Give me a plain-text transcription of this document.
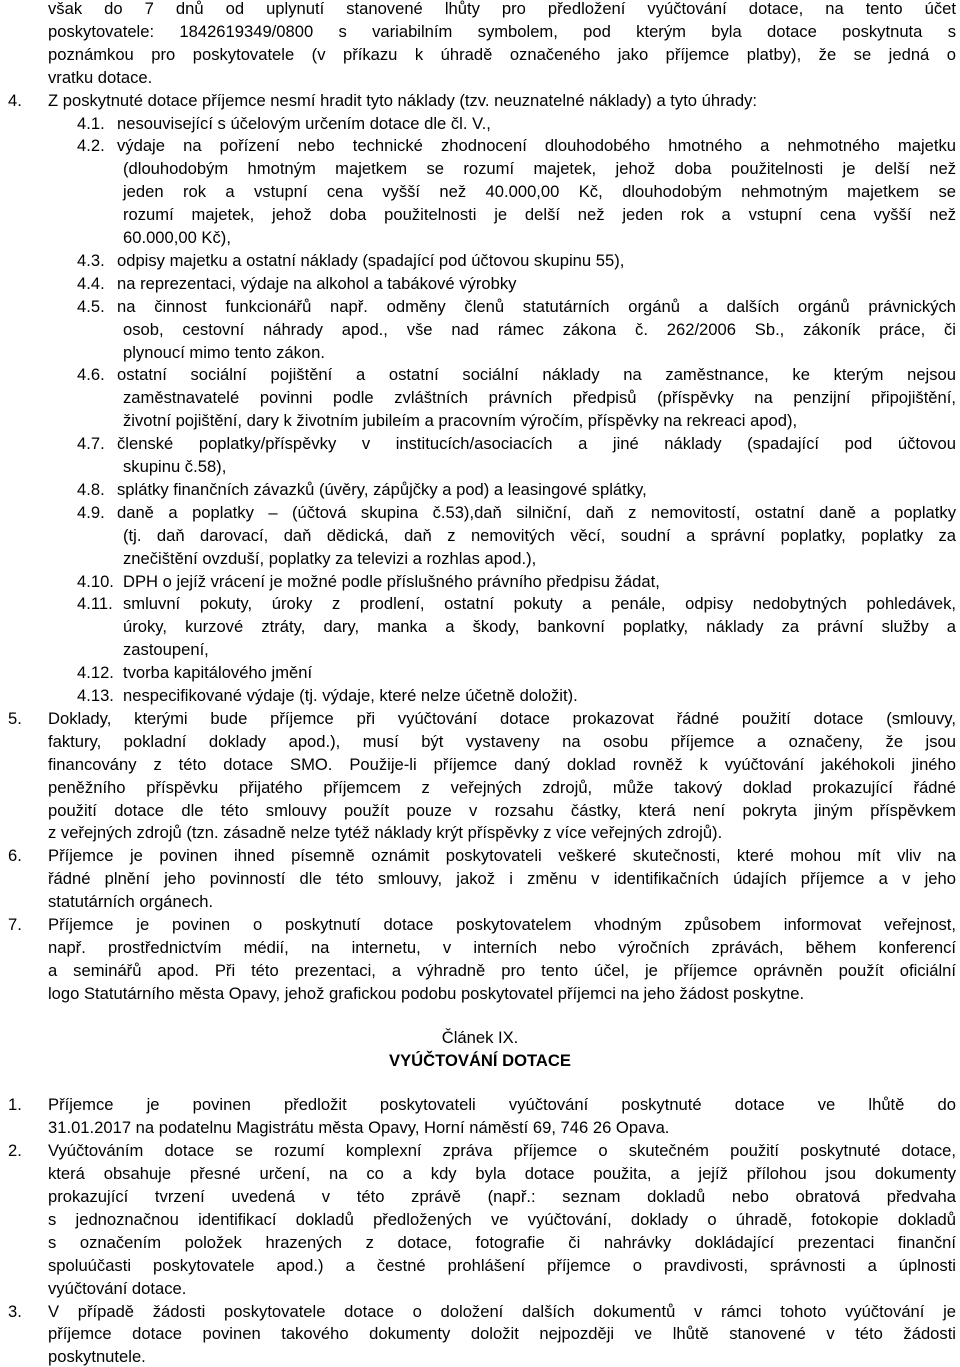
však do 7 dnů od uplynutí stanovené lhůty pro předložení vyúčtování dotace, na tento účet
poskytovatele: 1842619349/0800 s variabilním symbolem, pod kterým byla dotace poskytnuta s
poznámkou pro poskytovatele (v příkazu k úhradě označeného jako příjemce platby), že se jedná o
vratku dotace.
4. Z poskytnuté dotace příjemce nesmí hradit tyto náklady (tzv. neuznatelné náklady) a tyto úhrady:
4.1. nesouvisející s účelovým určením dotace dle čl. V.,
4.2. výdaje na pořízení nebo technické zhodnocení dlouhodobého hmotného a nehmotného majetku
(dlouhodobým hmotným majetkem se rozumí majetek, jehož doba použitelnosti je delší než
jeden rok a vstupní cena vyšší než 40.000,00 Kč, dlouhodobým nehmotným majetkem se
rozumí majetek, jehož doba použitelnosti je delší než jeden rok a vstupní cena vyšší než
60.000,00 Kč),
4.3. odpisy majetku a ostatní náklady (spadající pod účtovou skupinu 55),
4.4. na reprezentaci, výdaje na alkohol a tabákové výrobky
4.5. na činnost funkcionářů např. odměny členů statutárních orgánů a dalších orgánů právnických
osob, cestovní náhrady apod., vše nad rámec zákona č. 262/2006 Sb., zákoník práce, či
plynoucí mimo tento zákon.
4.6. ostatní sociální pojištění a ostatní sociální náklady na zaměstnance, ke kterým nejsou
zaměstnavatelé povinni podle zvláštních právních předpisů (příspěvky na penzijní připojištění,
životní pojištění, dary k životním jubileím a pracovním výročím, příspěvky na rekreaci apod),
4.7. členské poplatky/příspěvky v institucích/asociacích a jiné náklady (spadající pod účtovou
skupinu č.58),
4.8. splátky finančních závazků (úvěry, zápůjčky a pod) a leasingové splátky,
4.9. daně a poplatky – (účtová skupina č.53),daň silniční, daň z nemovitostí, ostatní daně a poplatky
(tj. daň darovací, daň dědická, daň z nemovitých věcí, soudní a správní poplatky, poplatky za
znečištění ovzduší, poplatky za televizi a rozhlas apod.),
4.10. DPH o jejíž vrácení je možné podle příslušného právního předpisu žádat,
4.11. smluvní pokuty, úroky z prodlení, ostatní pokuty a penále, odpisy nedobytných pohledávek,
úroky, kurzové ztráty, dary, manka a škody, bankovní poplatky, náklady za právní služby a
zastoupení,
4.12. tvorba kapitálového jmění
4.13. nespecifikované výdaje (tj. výdaje, které nelze účetně doložit).
5. Doklady, kterými bude příjemce při vyúčtování dotace prokazovat řádné použití dotace (smlouvy,
faktury, pokladní doklady apod.), musí být vystaveny na osobu příjemce a označeny, že jsou
financovány z této dotace SMO. Použije-li příjemce daný doklad rovněž k vyúčtování jakéhokoli jiného
peněžního příspěvku přijatého příjemcem z veřejných zdrojů, může takový doklad prokazující řádné
použití dotace dle této smlouvy použít pouze v rozsahu částky, která není pokryta jiným příspěvkem
z veřejných zdrojů (tzn. zásadně nelze tytéž náklady krýt příspěvky z více veřejných zdrojů).
6. Příjemce je povinen ihned písemně oznámit poskytovateli veškeré skutečnosti, které mohou mít vliv na
řádné plnění jeho povinností dle této smlouvy, jakož i změnu v identifikačních údajích příjemce a v jeho
statutárních orgánech.
7. Příjemce je povinen o poskytnutí dotace poskytovatelem vhodným způsobem informovat veřejnost,
např. prostřednictvím médií, na internetu, v interních nebo výročních zprávách, během konferencí
a seminářů apod. Při této prezentaci, a výhradně pro tento účel, je příjemce oprávněn použít oficiální
logo Statutárního města Opavy, jehož grafickou podobu poskytovatel příjemci na jeho žádost poskytne.
Článek IX.
VYÚČTOVÁNÍ DOTACE
1. Příjemce je povinen předložit poskytovateli vyúčtování poskytnuté dotace ve lhůtě do
31.01.2017 na podatelnu Magistrátu města Opavy, Horní náměstí 69, 746 26 Opava.
2. Vyúčtováním dotace se rozumí komplexní zpráva příjemce o skutečném použití poskytnuté dotace,
která obsahuje přesné určení, na co a kdy byla dotace použita, a jejíž přílohou jsou dokumenty
prokazující tvrzení uvedená v této zprávě (např.: seznam dokladů nebo obratová předvaha
s jednoznačnou identifikací dokladů předložených ve vyúčtování, doklady o úhradě, fotokopie dokladů
s označením položek hrazených z dotace, fotografie či nahrávky dokládající prezentaci finanční
spoluúčasti poskytovatele apod.) a čestné prohlášení příjemce o pravdivosti, správnosti a úplnosti
vyúčtování dotace.
3. V případě žádosti poskytovatele dotace o doložení dalších dokumentů v rámci tohoto vyúčtování je
příjemce dotace povinen takového dokumenty doložit nejpozději ve lhůtě stanovené v této žádosti
poskytnutele.
